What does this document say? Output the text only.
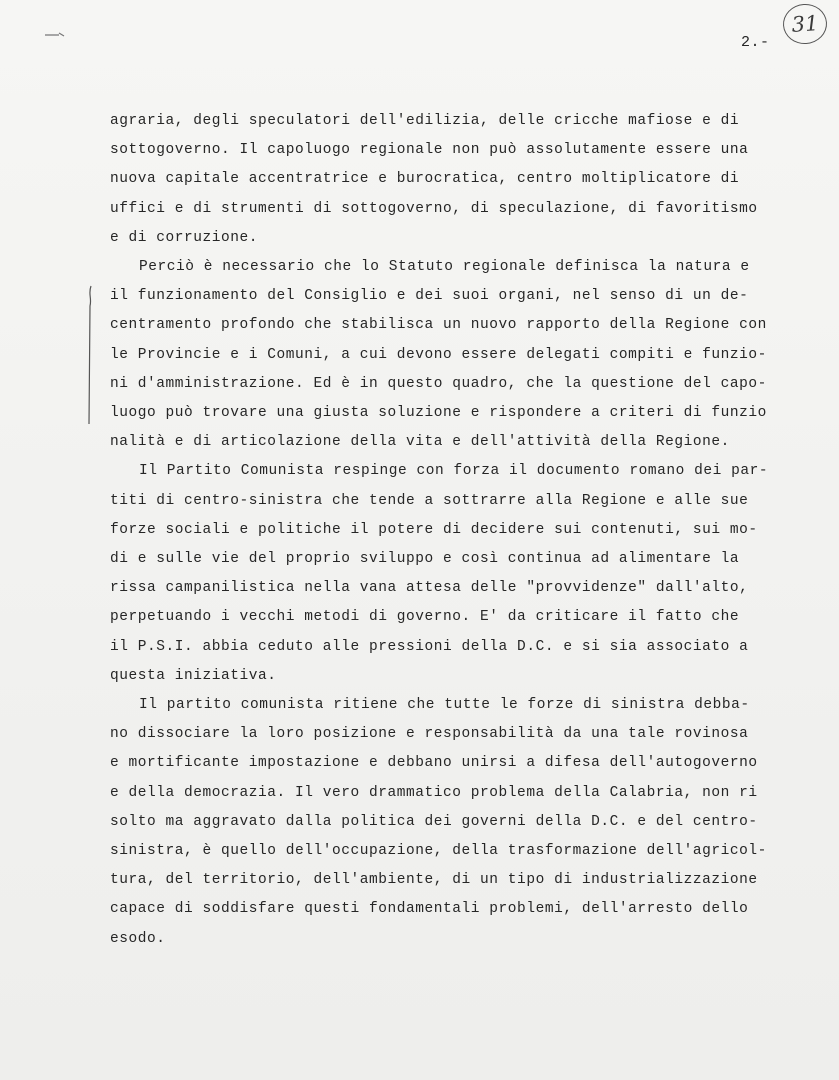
2.-
31

agraria, degli speculatori dell'edilizia, delle cricche mafiose e di
sottogoverno. Il capoluogo regionale non può assolutamente essere una
nuova capitale accentratrice e burocratica, centro moltiplicatore di
uffici e di strumenti di sottogoverno, di speculazione, di favoritismo
e di corruzione.

Perciò è necessario che lo Statuto regionale definisca la natura e
il funzionamento del Consiglio e dei suoi organi, nel senso di un de-
centramento profondo che stabilisca un nuovo rapporto della Regione con
le Provincie e i Comuni, a cui devono essere delegati compiti e funzio-
ni d'amministrazione. Ed è in questo quadro, che la questione del capo-
luogo può trovare una giusta soluzione e rispondere a criteri di funzio
nalità e di articolazione della vita e dell'attività della Regione.

Il Partito Comunista respinge con forza il documento romano dei par-
titi di centro-sinistra che tende a sottrarre alla Regione e alle sue
forze sociali e politiche il potere di decidere sui contenuti, sui mo-
di e sulle vie del proprio sviluppo e così continua ad alimentare la
rissa campanilistica nella vana attesa delle "provvidenze" dall'alto,
perpetuando i vecchi metodi di governo. E' da criticare il fatto che
il P.S.I. abbia ceduto alle pressioni della D.C. e si sia associato a
questa iniziativa.

Il partito comunista ritiene che tutte le forze di sinistra debba-
no dissociare la loro posizione e responsabilità da una tale rovinosa
e mortificante impostazione e debbano unirsi a difesa dell'autogoverno
e della democrazia. Il vero drammatico problema della Calabria, non ri
solto ma aggravato dalla politica dei governi della D.C. e del centro-
sinistra, è quello dell'occupazione, della trasformazione dell'agricol-
tura, del territorio, dell'ambiente, di un tipo di industrializzazione
capace di soddisfare questi fondamentali problemi, dell'arresto dello
esodo.
